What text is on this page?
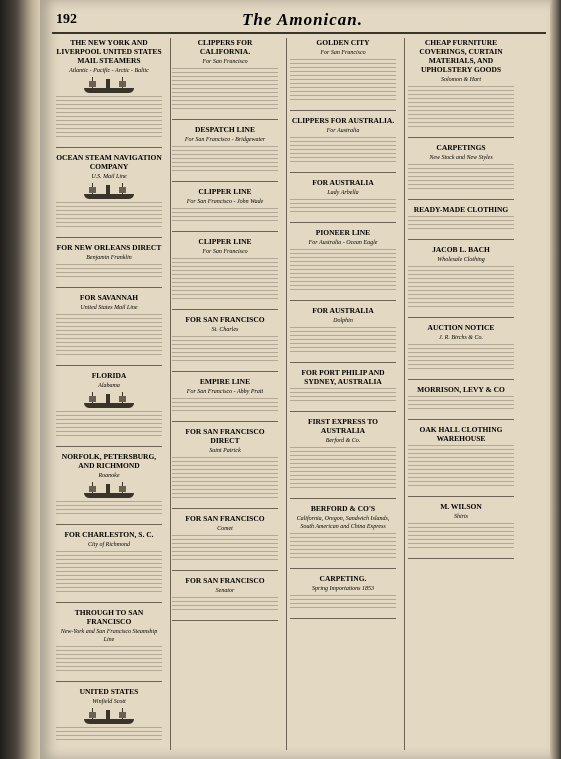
192	The Amonican.
THE NEW YORK AND LIVERPOOL UNITED STATES MAIL STEAMERS
Atlantic - Pacific - Arctic - Baltic
OCEAN STEAM NAVIGATION COMPANY
U.S. Mail Line
FOR NEW ORLEANS DIRECT
Benjamin Franklin
FOR SAVANNAH
United States Mail Line
FLORIDA
Alabama
NORFOLK, PETERSBURG, AND RICHMOND
Roanoke
FOR CHARLESTON, S. C.
City of Richmond
THROUGH TO SAN FRANCISCO
New-York and San Francisco Steamship Line
UNITED STATES
Winfield Scott
CLIPPERS FOR CALIFORNIA.
For San Francisco
DESPATCH LINE
For San Francisco - Bridgewater
CLIPPER LINE
For San Francisco - John Wade
CLIPPER LINE
For San Francisco
FOR SAN FRANCISCO
St. Charles
EMPIRE LINE
For San Francisco - Abby Pratt
FOR SAN FRANCISCO DIRECT
Saint Patrick
FOR SAN FRANCISCO
Comet
FOR SAN FRANCISCO
Senator
GOLDEN CITY
For San Francisco
CLIPPERS FOR AUSTRALIA.
For Australia
FOR AUSTRALIA
Lady Arbella
PIONEER LINE
For Australia - Ocean Eagle
FOR AUSTRALIA
Dolphin
FOR PORT PHILIP AND SYDNEY, AUSTRALIA
FIRST EXPRESS TO AUSTRALIA
Berford & Co.
BERFORD & CO'S
California, Oregon, Sandwich Islands, South American and China Express
CARPETING.
Spring Importations 1853
CHEAP FURNITURE COVERINGS, CURTAIN MATERIALS, AND UPHOLSTERY GOODS
Solomon & Hart
CARPETINGS
New Stock and New Styles
READY-MADE CLOTHING
JACOB L. BACH
Wholesale Clothing
AUCTION NOTICE
J. R. Birchs & Co.
MORRISON, LEVY & CO
OAK HALL CLOTHING WAREHOUSE
M. WILSON
Shirts
